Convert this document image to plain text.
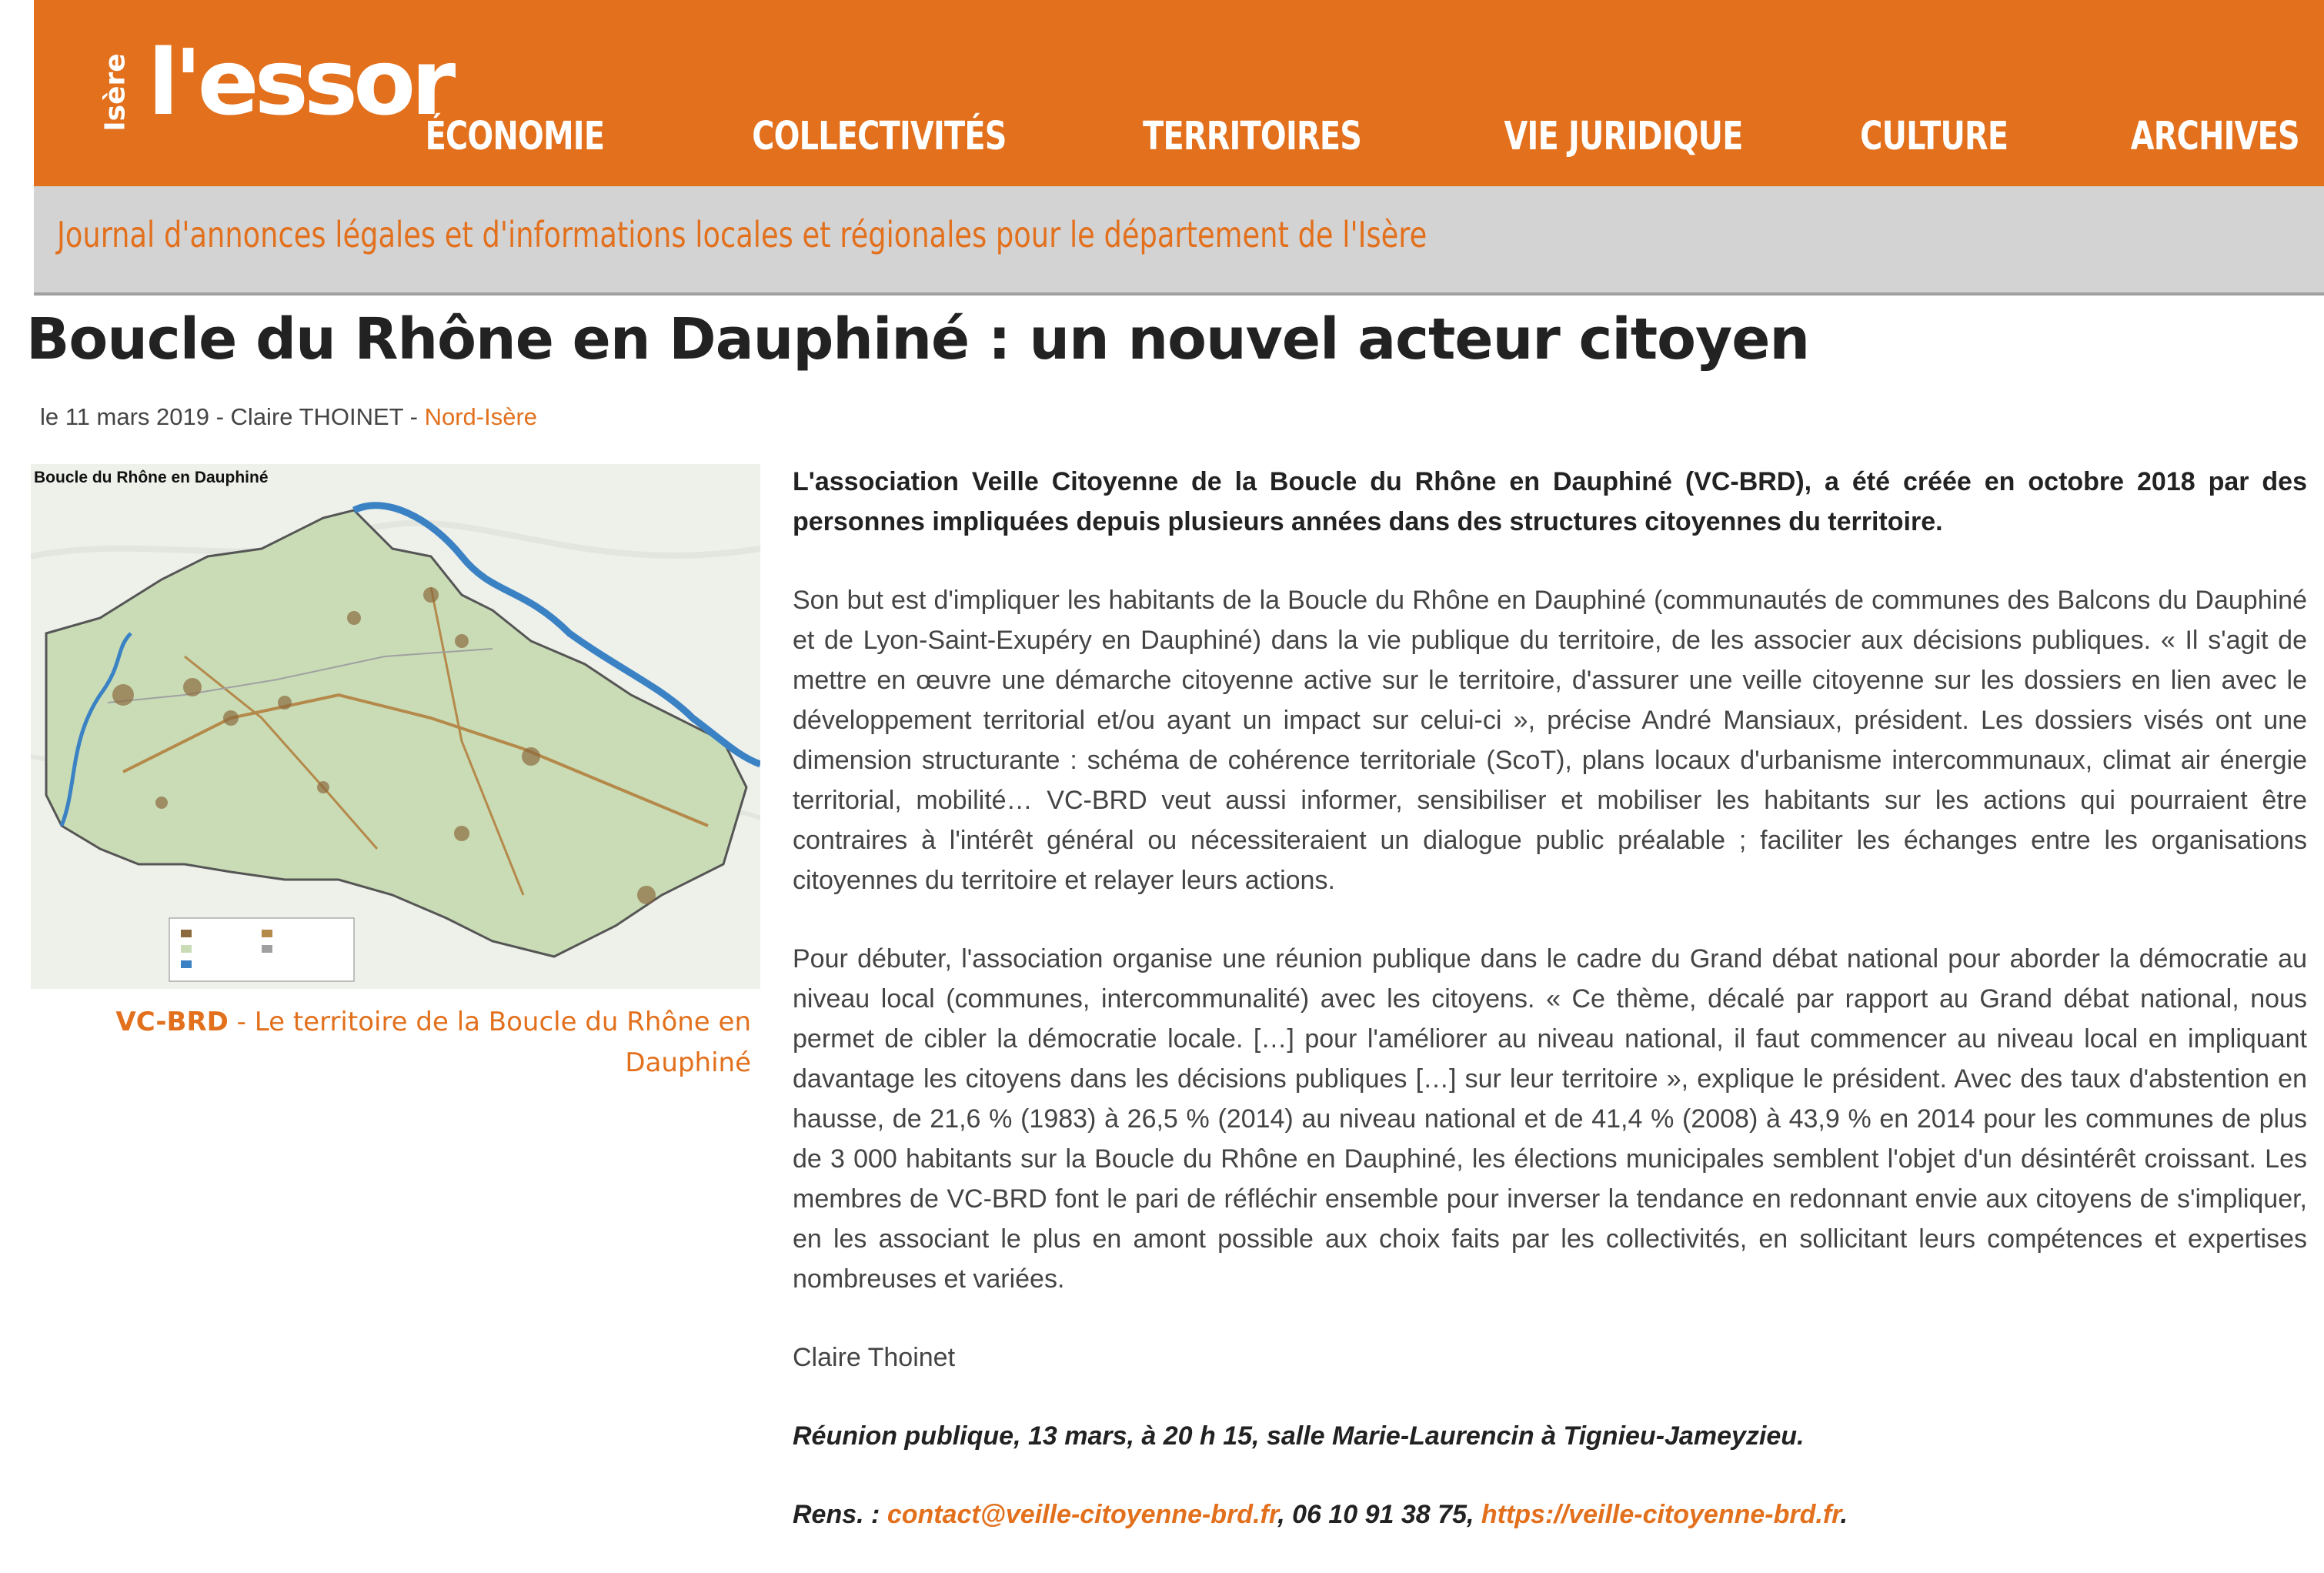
Isère l'essor
ÉCONOMIE	COLLECTIVITÉS	TERRITOIRES	VIE JURIDIQUE	CULTURE	ARCHIVES
Journal d'annonces légales et d'informations locales et régionales pour le département de l'Isère
Boucle du Rhône en Dauphiné : un nouvel acteur citoyen
le 11 mars 2019 - Claire THOINET - Nord-Isère
Boucle du Rhône en Dauphiné
VC-BRD - Le territoire de la Boucle du Rhône en Dauphiné

L'association Veille Citoyenne de la Boucle du Rhône en Dauphiné (VC-BRD), a été créée en octobre 2018 par des personnes impliquées depuis plusieurs années dans des structures citoyennes du territoire.

Son but est d'impliquer les habitants de la Boucle du Rhône en Dauphiné (communautés de communes des Balcons du Dauphiné et de Lyon-Saint-Exupéry en Dauphiné) dans la vie publique du territoire, de les associer aux décisions publiques. « Il s'agit de mettre en œuvre une démarche citoyenne active sur le territoire, d'assurer une veille citoyenne sur les dossiers en lien avec le développement territorial et/ou ayant un impact sur celui-ci », précise André Mansiaux, président. Les dossiers visés ont une dimension structurante : schéma de cohérence territoriale (ScoT), plans locaux d'urbanisme intercommunaux, climat air énergie territorial, mobilité… VC-BRD veut aussi informer, sensibiliser et mobiliser les habitants sur les actions qui pourraient être contraires à l'intérêt général ou nécessiteraient un dialogue public préalable ; faciliter les échanges entre les organisations citoyennes du territoire et relayer leurs actions.

Pour débuter, l'association organise une réunion publique dans le cadre du Grand débat national pour aborder la démocratie au niveau local (communes, intercommunalité) avec les citoyens. « Ce thème, décalé par rapport au Grand débat national, nous permet de cibler la démocratie locale. […] pour l'améliorer au niveau national, il faut commencer au niveau local en impliquant davantage les citoyens dans les décisions publiques […] sur leur territoire », explique le président. Avec des taux d'abstention en hausse, de 21,6 % (1983) à 26,5 % (2014) au niveau national et de 41,4 % (2008) à 43,9 % en 2014 pour les communes de plus de 3 000 habitants sur la Boucle du Rhône en Dauphiné, les élections municipales semblent l'objet d'un désintérêt croissant. Les membres de VC-BRD font le pari de réfléchir ensemble pour inverser la tendance en redonnant envie aux citoyens de s'impliquer, en les associant le plus en amont possible aux choix faits par les collectivités, en sollicitant leurs compétences et expertises nombreuses et variées.

Claire Thoinet

Réunion publique, 13 mars, à 20 h 15, salle Marie-Laurencin à Tignieu-Jameyzieu.

Rens. : contact@veille-citoyenne-brd.fr, 06 10 91 38 75, https://veille-citoyenne-brd.fr.
